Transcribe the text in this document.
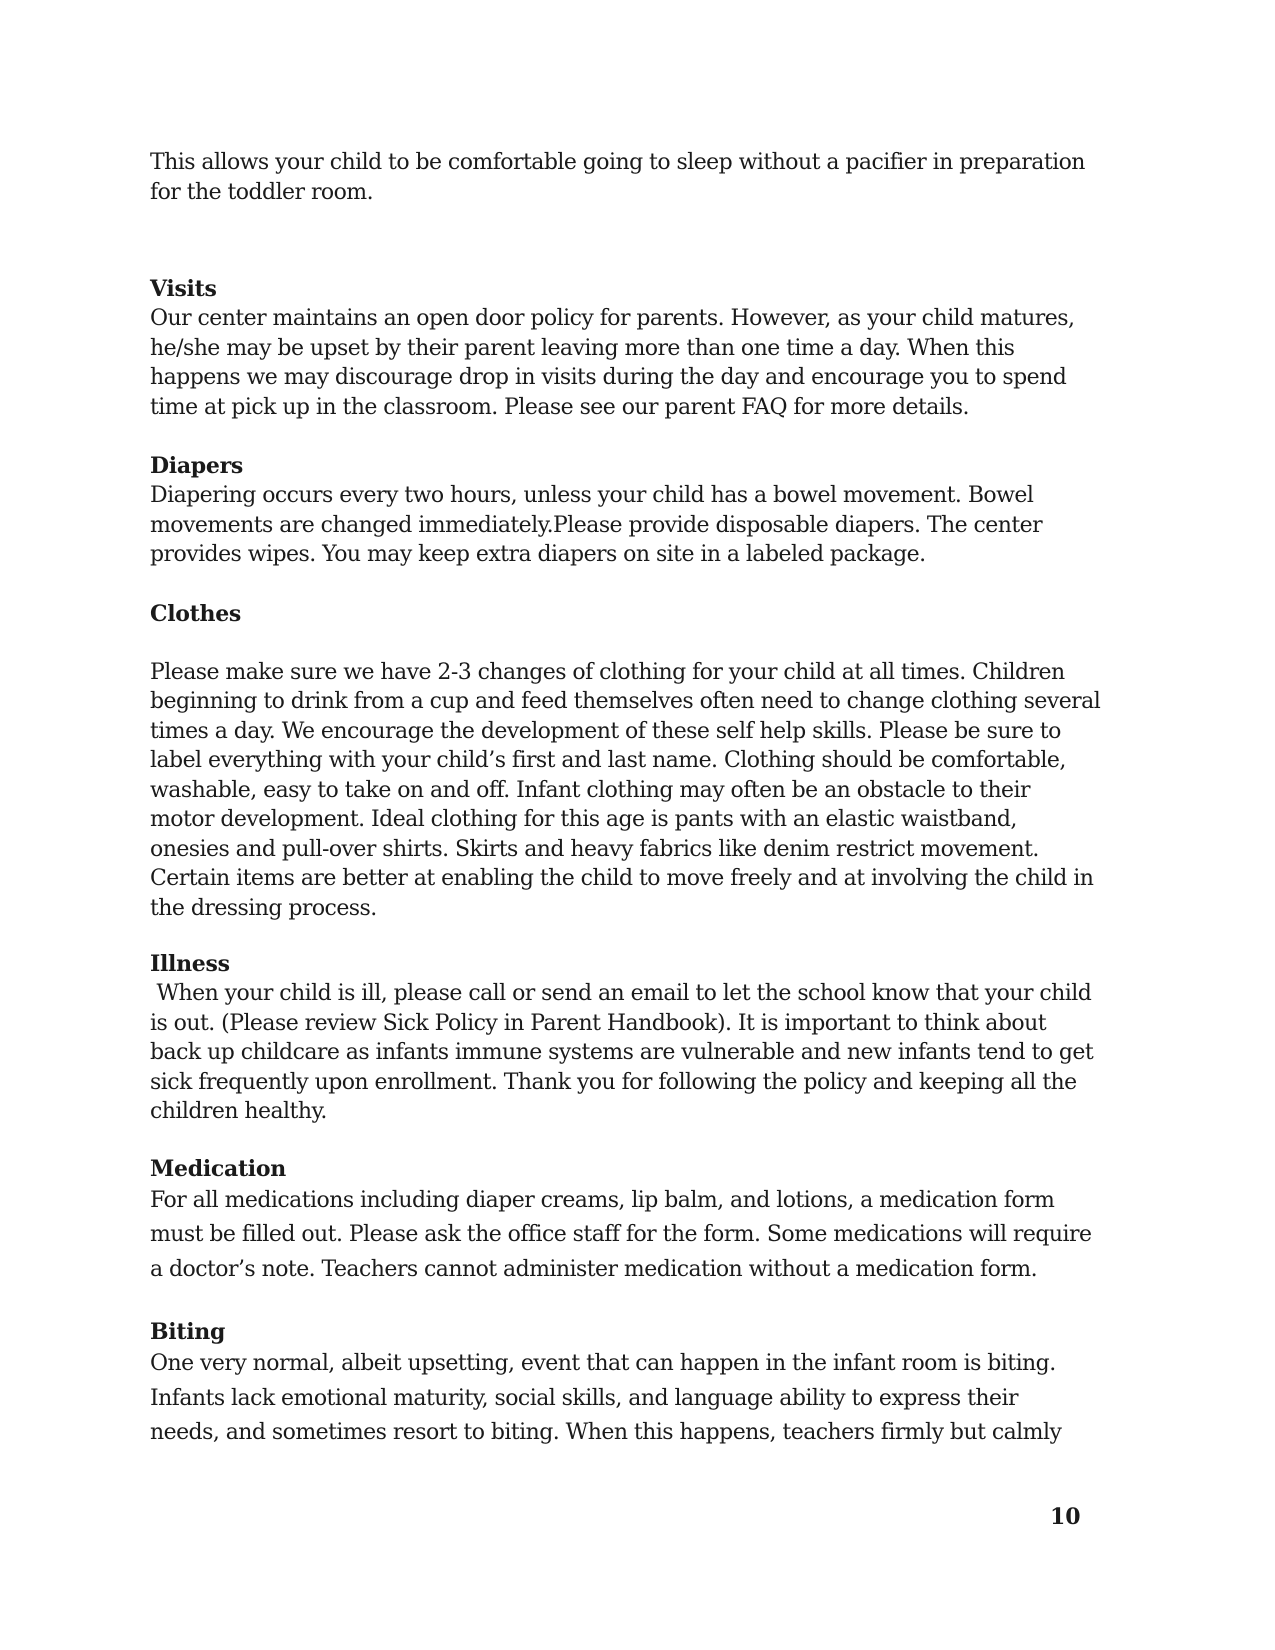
This allows your child to be comfortable going to sleep without a pacifier in preparation
for the toddler room.

Visits

Our center maintains an open door policy for parents. However, as your child matures,
he/she may be upset by their parent leaving more than one time a day. When this
happens we may discourage drop in visits during the day and encourage you to spend
time at pick up in the classroom. Please see our parent FAQ for more details.

Diapers

Diapering occurs every two hours, unless your child has a bowel movement. Bowel
movements are changed immediately.Please provide disposable diapers. The center
provides wipes. You may keep extra diapers on site in a labeled package.

Clothes

Please make sure we have 2-3 changes of clothing for your child at all times. Children
beginning to drink from a cup and feed themselves often need to change clothing several
times a day. We encourage the development of these self help skills. Please be sure to
label everything with your child’s first and last name. Clothing should be comfortable,
washable, easy to take on and off. Infant clothing may often be an obstacle to their
motor development. Ideal clothing for this age is pants with an elastic waistband,
onesies and pull-over shirts. Skirts and heavy fabrics like denim restrict movement.
Certain items are better at enabling the child to move freely and at involving the child in
the dressing process.

Illness

When your child is ill, please call or send an email to let the school know that your child
is out. (Please review Sick Policy in Parent Handbook). It is important to think about
back up childcare as infants immune systems are vulnerable and new infants tend to get
sick frequently upon enrollment. Thank you for following the policy and keeping all the
children healthy.

Medication

For all medications including diaper creams, lip balm, and lotions, a medication form
must be filled out. Please ask the office staff for the form. Some medications will require
a doctor’s note. Teachers cannot administer medication without a medication form.

Biting

One very normal, albeit upsetting, event that can happen in the infant room is biting.
Infants lack emotional maturity, social skills, and language ability to express their
needs, and sometimes resort to biting. When this happens, teachers firmly but calmly

10
